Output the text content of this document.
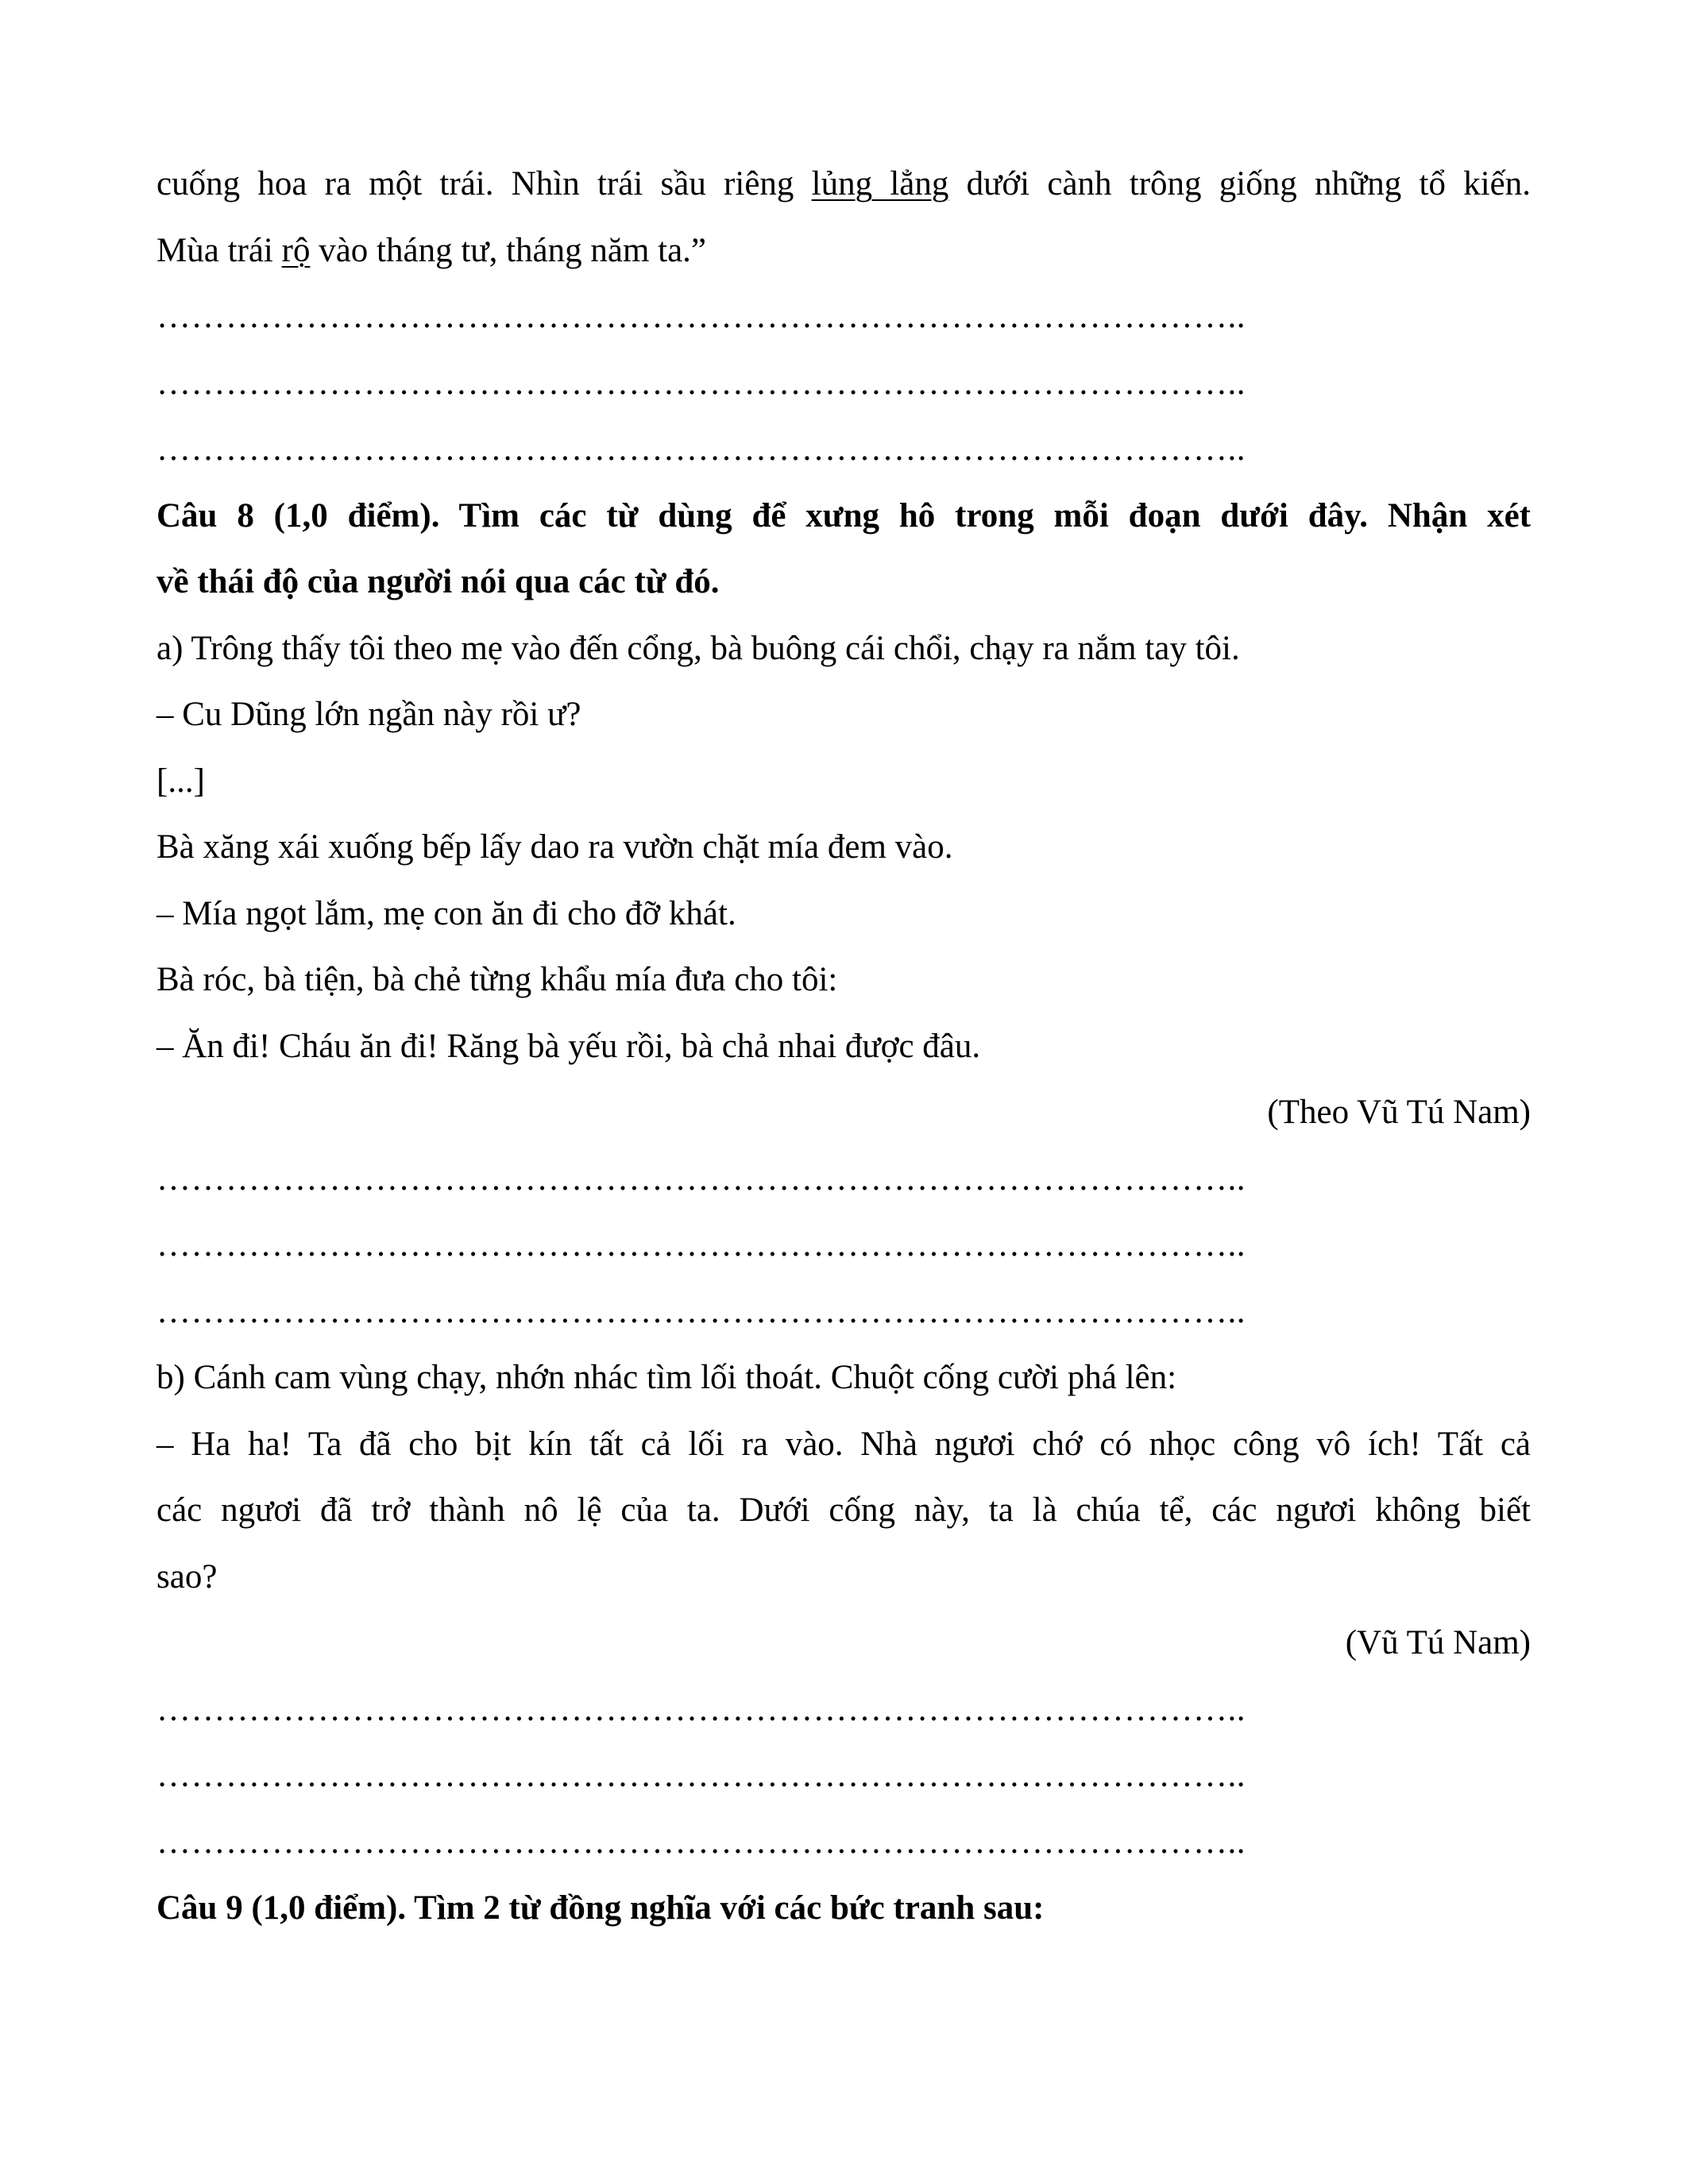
cuống hoa ra một trái. Nhìn trái sầu riêng lủng lẳng dưới cành trông giống những tổ kiến.
Mùa trái rộ vào tháng tư, tháng năm ta.”
…………………………………………………………………………………..
…………………………………………………………………………………..
…………………………………………………………………………………..
Câu 8 (1,0 điểm). Tìm các từ dùng để xưng hô trong mỗi đoạn dưới đây. Nhận xét
về thái độ của người nói qua các từ đó.
a) Trông thấy tôi theo mẹ vào đến cổng, bà buông cái chổi, chạy ra nắm tay tôi.
– Cu Dũng lớn ngần này rồi ư?
[...]
Bà xăng xái xuống bếp lấy dao ra vườn chặt mía đem vào.
– Mía ngọt lắm, mẹ con ăn đi cho đỡ khát.
Bà róc, bà tiện, bà chẻ từng khẩu mía đưa cho tôi:
– Ăn đi! Cháu ăn đi! Răng bà yếu rồi, bà chả nhai được đâu.
(Theo Vũ Tú Nam)
…………………………………………………………………………………..
…………………………………………………………………………………..
…………………………………………………………………………………..
b) Cánh cam vùng chạy, nhớn nhác tìm lối thoát. Chuột cống cười phá lên:
– Ha ha! Ta đã cho bịt kín tất cả lối ra vào. Nhà ngươi chớ có nhọc công vô ích! Tất cả
các ngươi đã trở thành nô lệ của ta. Dưới cống này, ta là chúa tể, các ngươi không biết
sao?
(Vũ Tú Nam)
…………………………………………………………………………………..
…………………………………………………………………………………..
…………………………………………………………………………………..
Câu 9 (1,0 điểm). Tìm 2 từ đồng nghĩa với các bức tranh sau:
